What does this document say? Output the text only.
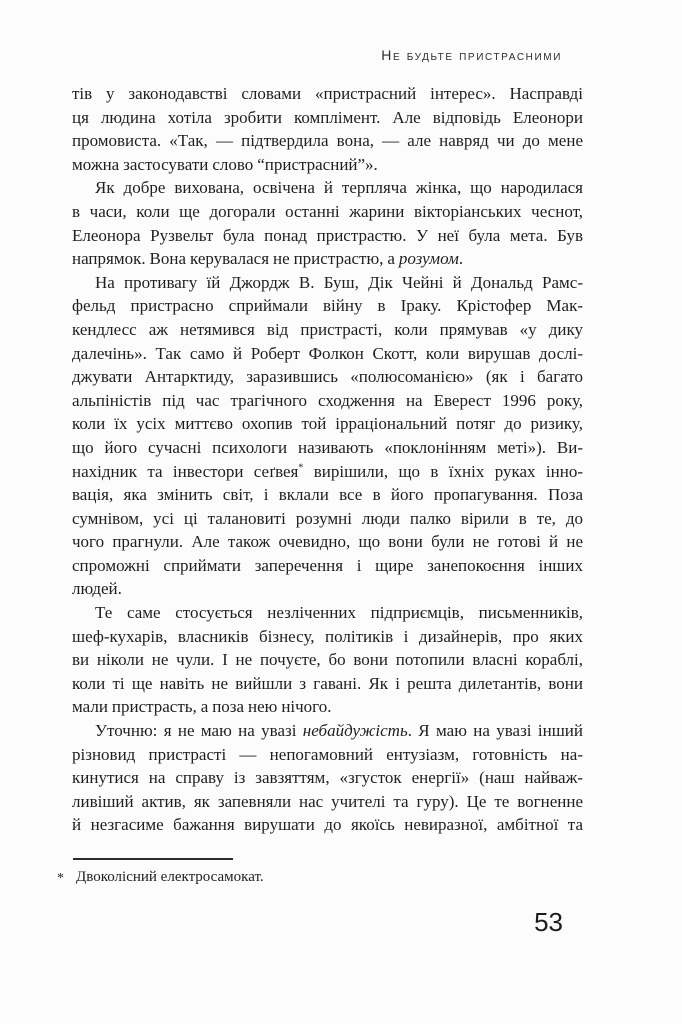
Не будьте пристрасними
тів у законодавстві словами «пристрасний інтерес». Насправді
ця людина хотіла зробити комплімент. Але відповідь Елеонори
промовиста. «Так, — підтвердила вона, — але навряд чи до мене
можна застосувати слово “пристрасний”».
Як добре вихована, освічена й терпляча жінка, що народилася
в часи, коли ще догорали останні жарини вікторіанських чеснот,
Елеонора Рузвельт була понад пристрастю. У неї була мета. Був
напрямок. Вона керувалася не пристрастю, а розумом.
На противагу їй Джордж В. Буш, Дік Чейні й Дональд Рамс-
фельд пристрасно сприймали війну в Іраку. Крістофер Мак-
кендлесс аж нетямився від пристрасті, коли прямував «у дику
далечінь». Так само й Роберт Фолкон Скотт, коли вирушав дослі-
джувати Антарктиду, заразившись «полюсоманією» (як і багато
альпіністів під час трагічного сходження на Еверест 1996 року,
коли їх усіх миттєво охопив той ірраціональний потяг до ризику,
що його сучасні психологи називають «поклонінням меті»). Ви-
нахідник та інвестори сеґвея* вирішили, що в їхніх руках інно-
вація, яка змінить світ, і вклали все в його пропагування. Поза
сумнівом, усі ці талановиті розумні люди палко вірили в те, до
чого прагнули. Але також очевидно, що вони були не готові й не
спроможні сприймати заперечення і щире занепокоєння інших
людей.
Те саме стосується незліченних підприємців, письменників,
шеф-кухарів, власників бізнесу, політиків і дизайнерів, про яких
ви ніколи не чули. І не почуєте, бо вони потопили власні кораблі,
коли ті ще навіть не вийшли з гавані. Як і решта дилетантів, вони
мали пристрасть, а поза нею нічого.
Уточню: я не маю на увазі небайдужість. Я маю на увазі інший
різновид пристрасті — непогамовний ентузіазм, готовність на-
кинутися на справу із завзяттям, «згусток енергії» (наш найваж-
ливіший актив, як запевняли нас учителі та гуру). Це те вогненне
й незгасиме бажання вирушати до якоїсь невиразної, амбітної та
* Двоколісний електросамокат.
53
